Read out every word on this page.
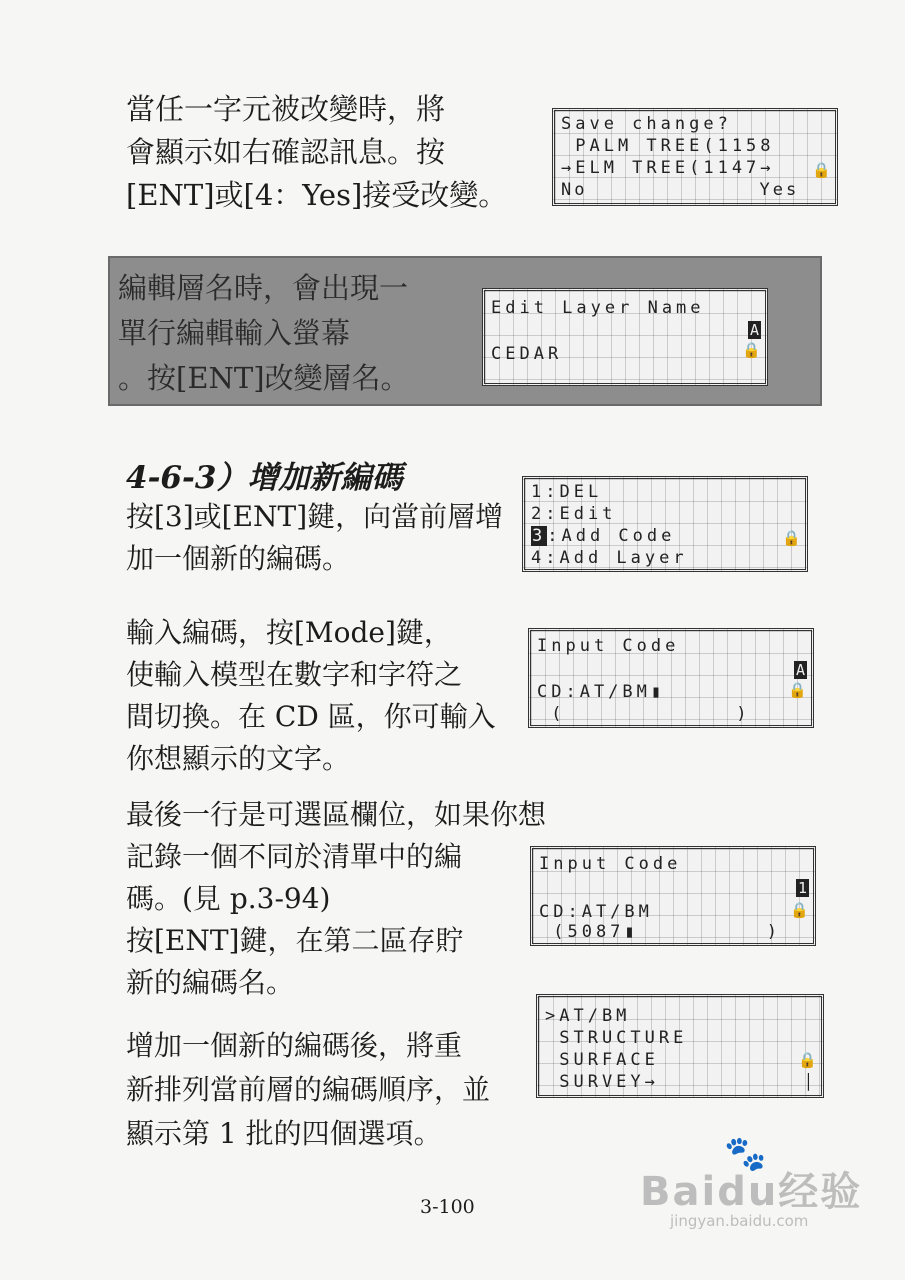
當任一字元被改變時，將
會顯示如右確認訊息。按
[ENT]或[4：Yes]接受改變。
Save change?
PALM TREE(1158
→ELM TREE(1147→
No             Yes
🔒
編輯層名時，會出現一
單行編輯輸入螢幕
。按[ENT]改變層名。
Edit Layer Name
CEDAR
A
🔒
4-6-3）增加新編碼
按[3]或[ENT]鍵，向當前層增
加一個新的編碼。
1:DEL
2:Edit
3:Add Code
4:Add Layer
🔒
輸入編碼，按[Mode]鍵，
使輸入模型在數字和字符之
間切換。在 CD 區，你可輸入
你想顯示的文字。
Input Code
CD:AT/BM▮
(            )
A
🔒
最後一行是可選區欄位，如果你想
記錄一個不同於清單中的編
碼。(見 p.3-94)
按[ENT]鍵，在第二區存貯
新的編碼名。
Input Code
CD:AT/BM
(5087▮         )
1
🔒
增加一個新的編碼後，將重
新排列當前層的編碼順序，並
顯示第 1 批的四個選項。
>AT/BM
STRUCTURE
SURFACE
SURVEY→
🔒
▏
3-100
🐾
Baidu经验
jingyan.baidu.com
